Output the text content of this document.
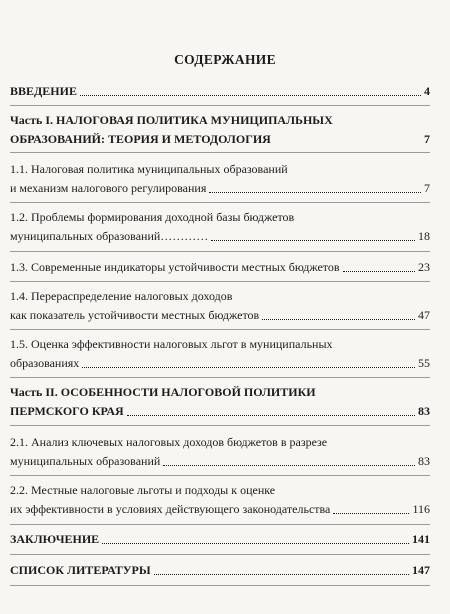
СОДЕРЖАНИЕ
ВВЕДЕНИЕ	4
Часть I. НАЛОГОВАЯ ПОЛИТИКА МУНИЦИПАЛЬНЫХ
ОБРАЗОВАНИЙ: ТЕОРИЯ И МЕТОДОЛОГИЯ	7
1.1. Налоговая политика муниципальных образований
и механизм налогового регулирования	7
1.2. Проблемы формирования доходной базы бюджетов
муниципальных образований…………	18
1.3. Современные индикаторы устойчивости местных бюджетов	23
1.4. Перераспределение налоговых доходов
как показатель устойчивости местных бюджетов	47
1.5. Оценка эффективности налоговых льгот в муниципальных
образованиях	55
Часть II. ОСОБЕННОСТИ НАЛОГОВОЙ ПОЛИТИКИ
ПЕРМСКОГО КРАЯ	83
2.1. Анализ ключевых налоговых доходов бюджетов в разрезе
муниципальных образований	83
2.2. Местные налоговые льготы и подходы к оценке
их эффективности в условиях действующего законодательства	116
ЗАКЛЮЧЕНИЕ	141
СПИСОК ЛИТЕРАТУРЫ	147
